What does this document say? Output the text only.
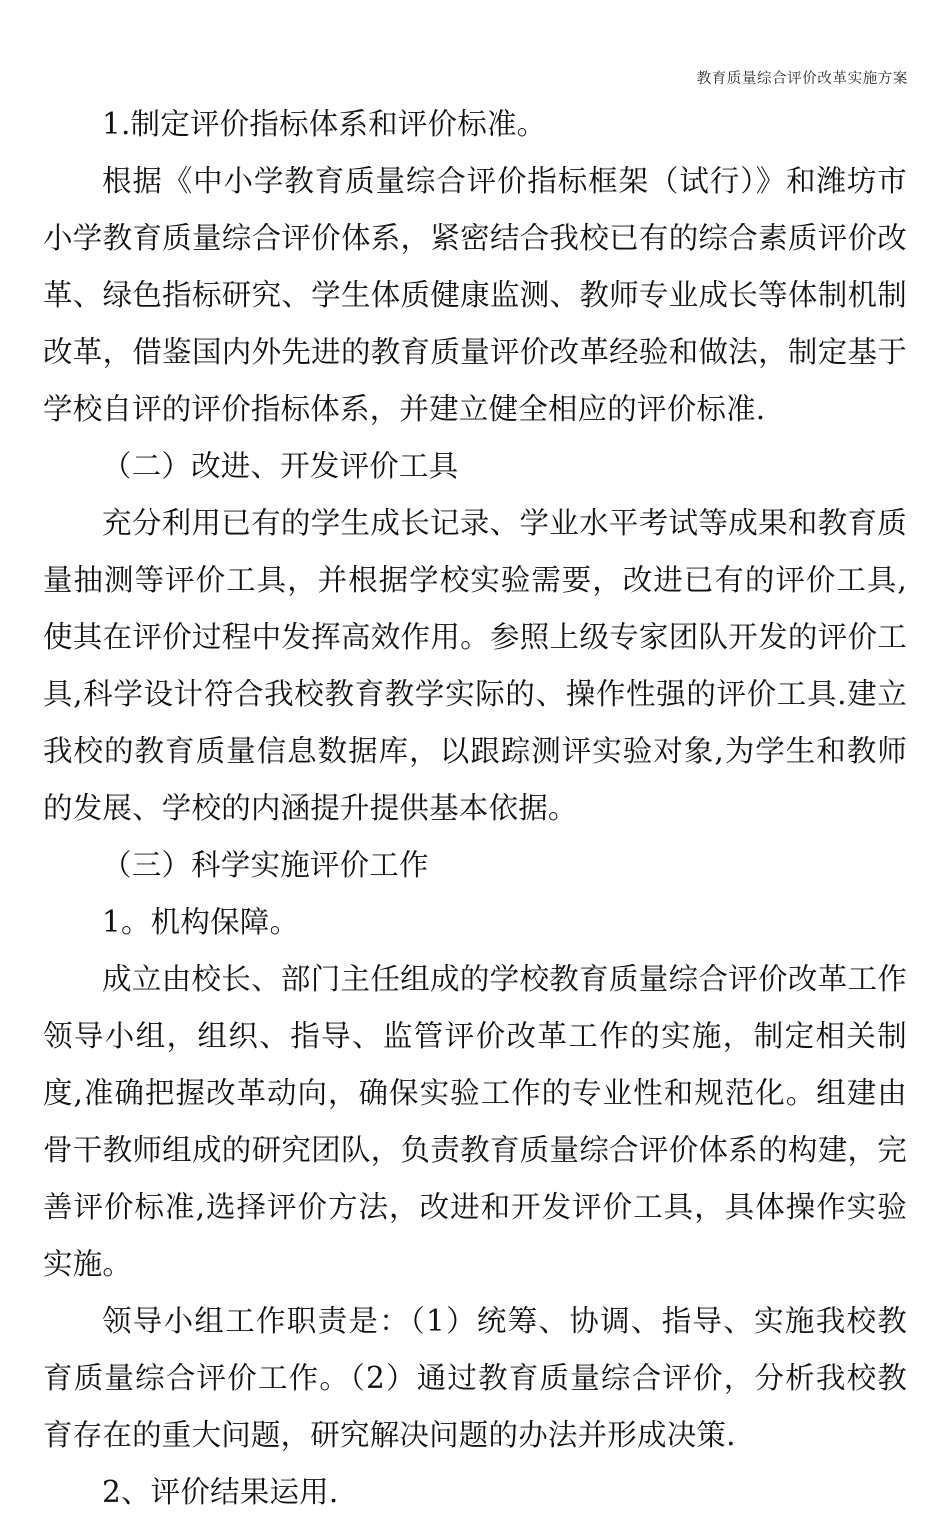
教育质量综合评价改革实施方案

1.制定评价指标体系和评价标准。

根据《中小学教育质量综合评价指标框架（试行）》和潍坊市小学教育质量综合评价体系，紧密结合我校已有的综合素质评价改革、绿色指标研究、学生体质健康监测、教师专业成长等体制机制改革，借鉴国内外先进的教育质量评价改革经验和做法，制定基于学校自评的评价指标体系，并建立健全相应的评价标准.

（二）改进、开发评价工具

充分利用已有的学生成长记录、学业水平考试等成果和教育质量抽测等评价工具，并根据学校实验需要，改进已有的评价工具,使其在评价过程中发挥高效作用。参照上级专家团队开发的评价工具,科学设计符合我校教育教学实际的、操作性强的评价工具.建立我校的教育质量信息数据库，以跟踪测评实验对象,为学生和教师的发展、学校的内涵提升提供基本依据。

（三）科学实施评价工作

1。机构保障。

成立由校长、部门主任组成的学校教育质量综合评价改革工作领导小组，组织、指导、监管评价改革工作的实施，制定相关制度,准确把握改革动向，确保实验工作的专业性和规范化。组建由骨干教师组成的研究团队，负责教育质量综合评价体系的构建，完善评价标准,选择评价方法，改进和开发评价工具，具体操作实验实施。

领导小组工作职责是：（1）统筹、协调、指导、实施我校教育质量综合评价工作。（2）通过教育质量综合评价，分析我校教育存在的重大问题，研究解决问题的办法并形成决策.

2、评价结果运用.
